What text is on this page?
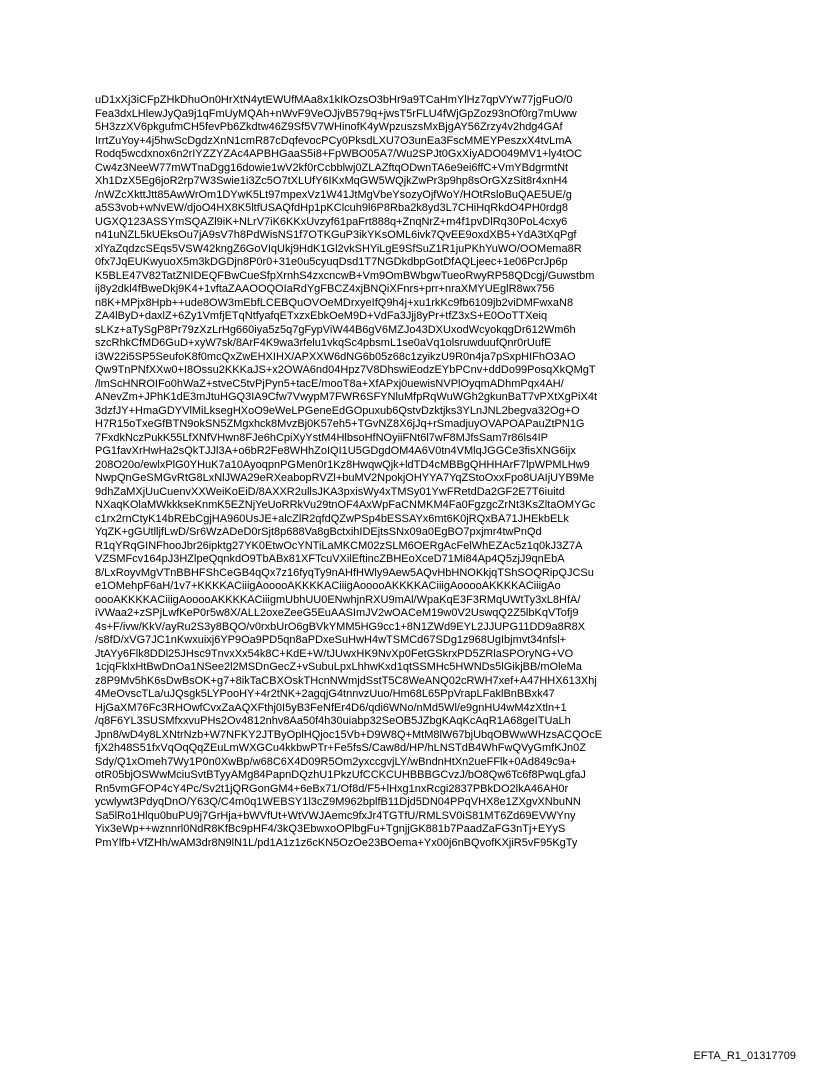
uD1xXj3iCFpZHkDhuOn0HrXtN4ytEWUfMAa8x1kIkOzsO3bHr9a9TCaHmYlHz7qpVYw77jgFuO/0
Fea3dxLHlewJyQa9j1qFmUyMQAh+nWvF9VeOJjvB579q+jwsT5rFLU4fWjGpZoz93nOf0rg7mUww
5H3zzXV6pkgufmCH5fevPb6Zkdtw46Z9Sf5V7WHinofK4yWpzuszsMxBjgAY56Zrzy4v2hdg4GAf
IrrtZuYoy+4j5hwScDgdzXnN1cmR87cDqfevocPCy0PksdLXU7O3unEa3FscMMEYPeszxX4tvLmA
Rodq5wcdxnox6n2rIYZZYZAc4APBHGaaS5i8+FpWBO05A7/Wu2SPJt0GxXiyADO049MV1+ly4tOC
Cw4z3NeeW77mWTnaDgg16dowie1wV2kf0rCcbblwj0ZLAZftqODwnTA6e9ei6ffC+VmYBdgrmtNt
Xh1DzX5Eg6joR2rp7W3Swie1i3Zc5O7tXLUfY6IKxMqGW5WQjkZwPr3p9hp8sOrGXzSit8r4xnH4
/nWZcXkttJtt85AwWrOm1DYwK5Lt97mpexVz1W41JtMgVbeYsozyOjfWoY/HOtRsloBuQAE5UE/g
a5S3vob+wNvEW/djoO4HX8K5ltfUSAQfdHp1pKClcuh9l6P8Rba2k8yd3L7CHiHqRkdO4PH0rdg8
UGXQ123ASSYmSQAZl9iK+NLrV7iK6KKxUvzyf61paFrt888q+ZnqNrZ+m4f1pvDlRq30PoL4cxy6
n41uNZL5kUEksOu7jA9sV7h8PdWisNS1f7OTKGuP3ikYKsOML6ivk7QvEE9oxdXB5+YdA3tXqPgf
xlYaZqdzcSEqs5VSW42kngZ6GoVIqUkj9HdK1Gl2vkSHYiLgE9SfSuZ1R1juPKhYuWO/OOMema8R
0fx7JqEUKwyuoX5m3kDGDjn8P0r0+31e0u5cyuqDsd1T7NGDkdbpGotDfAQLjeec+1e06PcrJp6p
K5BLE47V82TatZNIDEQFBwCueSfpXrnhS4zxcncwB+Vm9OmBWbgwTueoRwyRP58QDcgj/Guwstbm
ij8y2dkl4fBweDkj9K4+1vftaZAAOOQOIaRdYgFBCZ4xjBNQiXFnrs+prr+nraXMYUEglR8wx756
n8K+MPjx8Hpb++ude8OW3mEbfLCEBQuOVOeMDrxyeIfQ9h4j+xu1rkKc9fb6109jb2viDMFwxaN8
ZA4lByD+daxlZ+6Zy1VmfjETqNtfyafqETxzxEbkOeM9D+VdFa3Jjj8yPr+tfZ3xS+E0OoTTXeiq
sLKz+aTySgP8Pr79zXzLrHg660iya5z5q7gFypViW44B6gV6MZJo43DXUxodWcyokqgDr612Wm6h
szcRhkCfMD6GuD+xyW7sk/8ArF4K9wa3rfelu1vkqSc4pbsmL1se0aVq1olsruwduufQnr0rUufE
i3W22i5SP5SeufoK8f0mcQxZwEHXIHX/APXXW6dNG6b05z68c1zyikzU9R0n4ja7pSxpHIFhO3AO
Qw9TnPNfXXw0+I8Ossu2KKKaJS+x2OWA6nd04Hpz7V8DhswiEodzEYbPCnv+ddDo99PosqXkQMgT
/lmScHNROIFo0hWaZ+stveC5tvPjPyn5+tacE/mooT8a+XfAPxj0uewisNVPlOyqmADhmPqx4AH/
ANevZm+JPhK1dE3mJtuHGQ3IA9Cfw7VwypM7FWR6SFYNluMfpRqWuWGh2gkunBaT7vPXtXgPiX4t
3dzfJY+HmaGDYVlMiLksegHXoO9eWeLPGeneEdGOpuxub6QstvDzktjks3YLnJNL2begva32Og+O
H7R15oTxeGfBTN9okSN5ZMgxhck8MvzBj0K57eh5+TGvNZ8X6jJq+rSmadjuyOVAPOAPauZtPN1G
7FxdkNczPukK55LfXNfVHwn8FJe6hCpiXyYstM4HlbsoHfNOyiiFNt6l7wF8MJfsSam7r86ls4IP
PG1favXrHwHa2sQkTJJl3A+o6bR2Fe8WHhZoIQI1U5GDgdOM4A6V0tn4VMlqJGGCe3fisXNG6ijx
208O20o/ewlxPlG0YHuK7a10AyoqpnPGMen0r1Kz8HwqwQjk+ldTD4cMBBgQHHHArF7lpWPMLHw9
NwpQnGeSMGvRtG8LxNlJWA29eRXeabopRVZl+buMV2NpokjOHYYA7YqZStoOxxFpo8UAIjUYB9Me
9dhZaMXjUuCuenvXXWeiKoEiD/8AXXR2ullsJKA3pxisWy4xTMSy01YwFRetdDa2GF2E7T6iuitd
NXaqKOlaMWkkkseKnmK5EZNjYeUoRRkVu29tnOF4AxWpFaCNMKM4Fa0FgzgcZrNt3KsZltaOMYGc
c1rx2rnCtyK14bREbCgjHA960UsJE+alcZlR2qfdQZwPSp4bESSAYx6mt6K0jRQxBA71JHEkbELk
YqZK+gGUtlljfLwD/Sr6WzADeD0rSjt8p688Va8gBctxihIDEjtsSNx09a0EgBO7pxjmr4twPnQd
R1qYRqGINFhooJbr26ipktg27YK0EtwOcYNTiLaMKCM02zSLM6OERgAcFelWhEZAc5z1q0kJ3Z7A
VZSMFcv164pJ3HZlpeQqnkdO9TbABx81XFTcuVXilEftincZBHEoXceD71Mi84Ap4Q5zjJ9qnEbA
8/LxRoyvMgVTnBBHFShCeGB4qQx7z16fyqTy9nAHfHWly9Aew5AQvHbHNOKkjqTShSOQRipQJCSu
e1OMehpF6aH/1v7+KKKKACiiigAooooAKKKKACiiigAooooAKKKKACiiigAooooAKKKKACiiigAo
oooAKKKKACiiigAooooAKKKKACiiigmUbhUU0ENwhjnRXU9mAl/WpaKqE3F3RMqUWtTy3xL8HfA/
iVWaa2+zSPjLwfKeP0r5w8X/ALL2oxeZeeG5EuAASImJV2wOACeM19w0V2UswqQ2Z5lbKqVTofj9
4s+F/ivw/KkV/ayRu2S3y8BQO/v0rxbUrO6gBVkYMM5HG9cc1+8N1ZWd9EYL2JJUPG11DD9a8R8X
/s8fD/xVG7JC1nKwxuixj6YP9Oa9PD5qn8aPDxeSuHwH4wTSMCd67SDg1z968UgIbjmvt34nfsl+
JtAYy6Flk8DDl25JHsc9TnvxXx54k8C+KdE+W/tJUwxHK9NvXp0FetGSkrxPD5ZRlaSPOryNG+VO
1cjqFklxHtBwDnOa1NSee2l2MSDnGecZ+vSubuLpxLhhwKxd1qtSSMHc5HWNDs5lGikjBB/mOleMa
z8P9Mv5hK6sDwBsOK+g7+8ikTaCBXOskTHcnNWmjdSstT5C8WeANQ02cRWH7xef+A47HHX613Xhj
4MeOvscTLa/uJQsgk5LYPooHY+4r2tNK+2agqjG4tnnvzUuo/Hm68L65PpVrapLFaklBnBBxk47
HjGaXM76Fc3RHOwfCvxZaAQXFthj0I5yB3FeNfEr4D6/qdi6WNo/nMd5Wl/e9gnHU4wM4zXtln+1
/q8F6YL3SUSMfxxvuPHs2Ov4812nhv8Aa50f4h30uiabp32SeOB5JZbgKAqKcAqR1A68geITUaLh
Jpn8/wD4y8LXNtrNzb+W7NFKY2JTByOplHQjoc15Vb+D9W8Q+MtM8lW67bjUbqOBWwWHzsACQOcE
fjX2h48S51fxVqOqQqZEuLmWXGCu4kkbwPTr+Fe5fsS/Caw8d/HP/hLNSTdB4WhFwQVyGmfKJn0Z
Sdy/Q1xOmeh7Wy1P0n0XwBp/w68C6X4D09R5Om2yxccgvjLY/wBndnHtXn2ueFFlk+0Ad849c9a+
otR05bjOSWwMciuSvtBTyyAMg84PapnDQzhU1PkzUfCCKCUHBBBGCvzJ/bO8Qw6Tc6f8PwqLgfaJ
Rn5vmGFOP4cY4Pc/Sv2t1jQRGonGM4+6eBx71/Of8d/F5+lHxg1nxRcgi2837PBkDO2lkA46AH0r
ycwlywt3PdyqDnO/Y63Q/C4m0q1WEBSY1l3cZ9M962bplfB11Djd5DN04PPqVHX8e1ZXgvXNbuNN
Sa5lRo1Hlqu0buPU9j7GrHja+bWVfUt+WtVWJAemc9fxJr4TGTfU/RMLSV0iS81MT6Zd69EVWYny
Yix3eWp++wznnrl0NdR8KfBc9pHF4/3kQ3EbwxoOPlbgFu+TgnjjGK881b7PaadZaFG3nTj+EYyS
PmYlfb+VfZHh/wAM3dr8N9lN1L/pd1A1z1z6cKN5OzOe23BOema+Yx00j6nBQvofKXjiR5vF95KgTy
EFTA_R1_01317709
